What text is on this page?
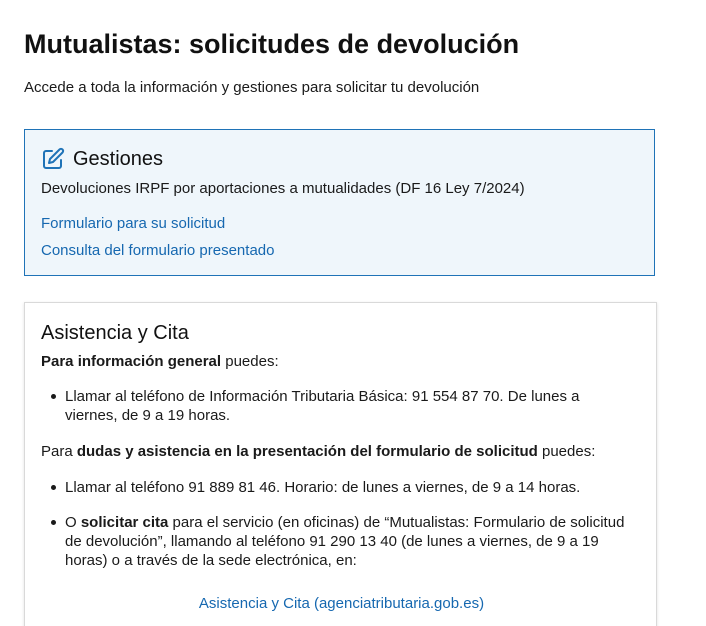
Mutualistas: solicitudes de devolución

Accede a toda la información y gestiones para solicitar tu devolución

Gestiones
Devoluciones IRPF por aportaciones a mutualidades (DF 16 Ley 7/2024)
Formulario para su solicitud
Consulta del formulario presentado
Asistencia y Cita
Para información general puedes:
Llamar al teléfono de Información Tributaria Básica: 91 554 87 70. De lunes a viernes, de 9 a 19 horas.
Para dudas y asistencia en la presentación del formulario de solicitud puedes:
Llamar al teléfono 91 889 81 46. Horario: de lunes a viernes, de 9 a 14 horas.
O solicitar cita para el servicio (en oficinas) de “Mutualistas: Formulario de solicitud de devolución”, llamando al teléfono 91 290 13 40 (de lunes a viernes, de 9 a 19 horas) o a través de la sede electrónica, en:
Asistencia y Cita (agenciatributaria.gob.es)
